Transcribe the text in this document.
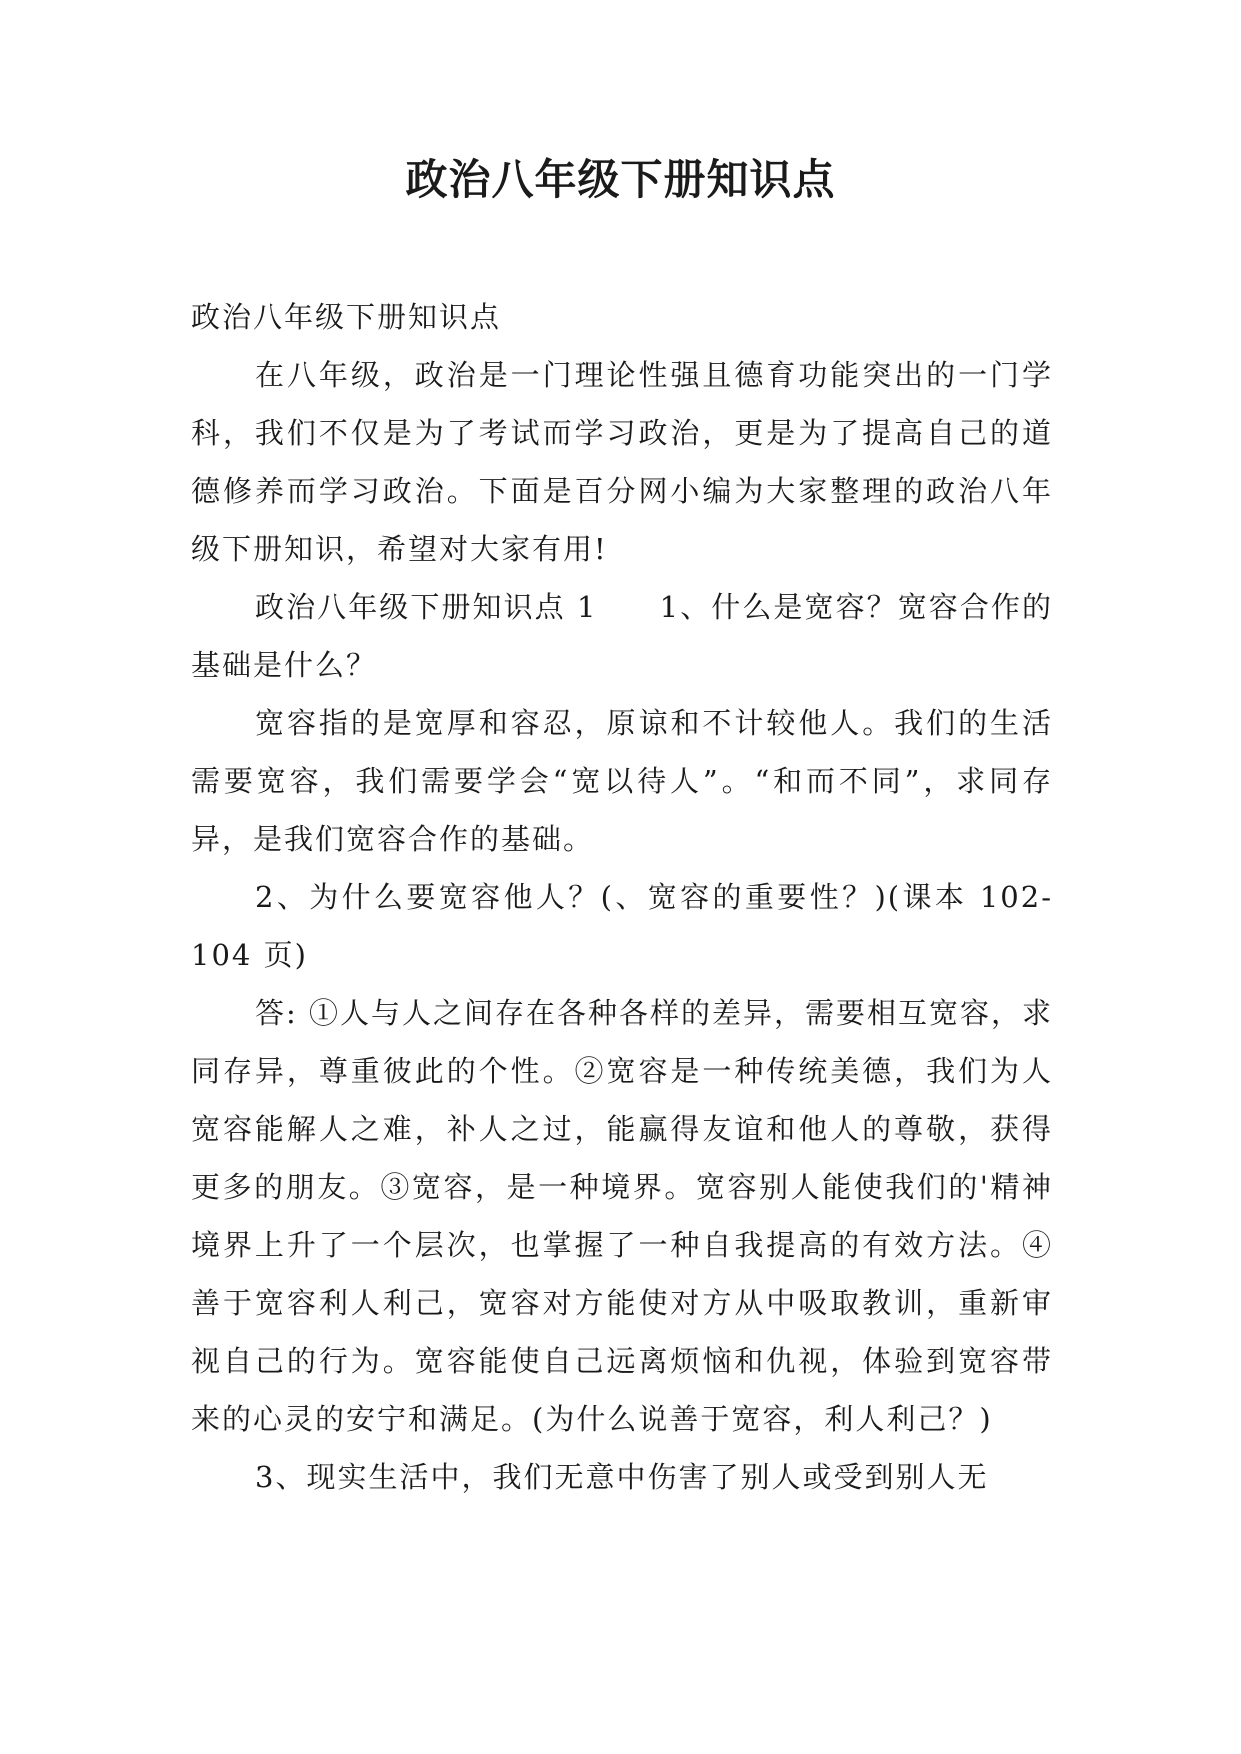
政治八年级下册知识点

政治八年级下册知识点

在八年级，政治是一门理论性强且德育功能突出的一门学科，我们不仅是为了考试而学习政治，更是为了提高自己的道德修养而学习政治。下面是百分网小编为大家整理的政治八年级下册知识，希望对大家有用!

政治八年级下册知识点 1　　1、什么是宽容？宽容合作的基础是什么？

宽容指的是宽厚和容忍，原谅和不计较他人。我们的生活需要宽容，我们需要学会“宽以待人”。“和而不同”，求同存异，是我们宽容合作的基础。

2、为什么要宽容他人？(、宽容的重要性？)(课本 102-104 页)

答: ①人与人之间存在各种各样的差异，需要相互宽容，求同存异，尊重彼此的个性。②宽容是一种传统美德，我们为人宽容能解人之难，补人之过，能赢得友谊和他人的尊敬，获得更多的朋友。③宽容，是一种境界。宽容别人能使我们的'精神境界上升了一个层次，也掌握了一种自我提高的有效方法。④善于宽容利人利己，宽容对方能使对方从中吸取教训，重新审视自己的行为。宽容能使自己远离烦恼和仇视，体验到宽容带来的心灵的安宁和满足。(为什么说善于宽容，利人利己？)

3、现实生活中，我们无意中伤害了别人或受到别人无
